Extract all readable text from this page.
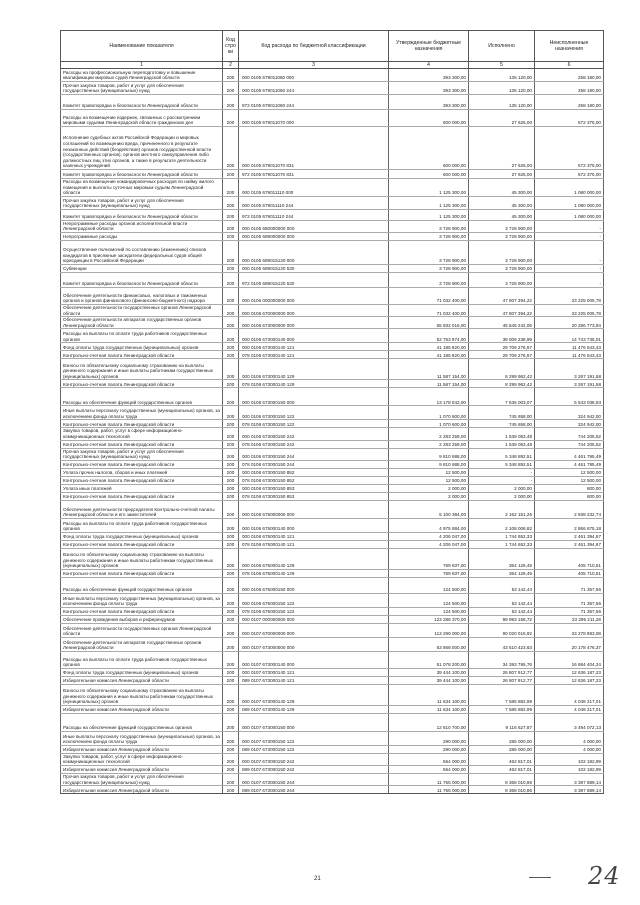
Наименование показателя	Код стро ки	Код расхода по бюджетной классификации	Утвержденные бюджетные назначения	Исполнено	Неисполненные назначения
1	2	3	4	5	6
Расходы на профессиональную переподготовку и повышение квалификации мировых судей Ленинградской области	200	000 0105 679011060 000	393 300,00	135 120,00	258 180,00
Прочая закупка товаров, работ и услуг для обеспечения государственных (муниципальных) нужд	200	000 0105 679011060 244	393 300,00	135 120,00	258 180,00
Комитет правопорядка и безопасности Ленинградской области	200	972 0105 679011060 244	393 300,00	135 120,00	258 180,00
Расходы на возмещение издержек, связанных с рассмотрением мировыми судьями Ленинградской области гражданских дел	200	000 0105 679011070 000	600 000,00	27 625,00	572 375,00
Исполнение судебных актов Российской Федерации и мировых соглашений по возмещению вреда, причиненного в результате незаконных действий (бездействия) органов государственной власти (государственных органов), органов местного самоуправления либо должностных лиц этих органов, а также в результате деятельности казенных учреждений	200	000 0105 679011070 831	600 000,00	27 625,00	572 375,00
Комитет правопорядка и безопасности Ленинградской области	200	972 0105 679011070 831	600 000,00	27 625,00	572 375,00
Расходы на возмещение командировочных расходов по найму жилого помещения и выплаты суточных мировым судьям Ленинградской области	200	000 0105 679011110 000	1 125 300,00	45 300,00	1 080 000,00
Прочая закупка товаров, работ и услуг для обеспечения государственных (муниципальных) нужд	200	000 0105 679011110 244	1 125 300,00	45 300,00	1 080 000,00
Комитет правопорядка и безопасности Ленинградской области	200	972 0105 679011110 244	1 125 300,00	45 300,00	1 080 000,00
Непрограммные расходы органов исполнительной власти Ленинградской области	200	000 0105 680000000 000	3 728 900,00	3 728 900,00	-
Непрограммные расходы	200	000 0105 689000000 000	3 728 900,00	3 728 900,00	-
Осуществление полномочий по составлению (изменению) списков кандидатов в присяжные заседатели федеральных судов общей юрисдикции в Российской Федерации	200	000 0105 689015120 000	3 728 900,00	3 728 900,00	-
Субвенции	200	000 0105 689015120 530	3 728 900,00	3 728 900,00	-
Комитет правопорядка и безопасности Ленинградской области	200	972 0105 689015120 530	3 728 900,00	3 728 900,00	-
Обеспечение деятельности финансовых, налоговых и таможенных органов и органов финансового (финансово-бюджетного) надзора	200	000 0106 000000000 000	71 032 400,00	47 807 394,22	23 225 005,78
Обеспечение деятельности государственных органов Ленинградской области	200	000 0106 670000000 000	71 032 400,00	47 807 394,22	23 225 005,78
Обеспечение деятельности аппаратов государственных органов Ленинградской области	200	000 0106 673000000 000	65 932 016,00	45 645 242,06	20 286 773,94
Расходы на выплаты по оплате труда работников государственных органов	200	000 0106 673000140 000	52 753 974,00	38 009 238,99	14 743 735,01
Фонд оплаты труда государственных (муниципальных) органов	200	000 0106 673000140 121	41 185 820,00	29 709 276,57	11 476 543,43
Контрольно-счетная палата Ленинградской области	200	078 0106 673000140 121	41 185 820,00	29 709 276,57	11 476 543,43
Взносы по обязательному социальному страхованию на выплаты денежного содержания и иные выплаты работникам государственных (муниципальных) органов	200	000 0106 673000140 129	11 587 154,00	8 299 962,42	3 267 191,58
Контрольно-счетная палата Ленинградской области	200	078 0106 673000140 129	11 587 154,00	8 299 962,42	3 267 191,58
Расходы на обеспечение функций государственных органов	200	000 0106 673000150 000	13 178 042,00	7 635 003,07	5 543 038,93
Иные выплаты персоналу государственных (муниципальных) органов, за исключением фонда оплаты труда	200	000 0106 673000150 122	1 070 600,00	745 658,00	324 942,00
Контрольно-счетная палата Ленинградской области	200	078 0106 673000150 122	1 070 600,00	745 658,00	324 942,00
Закупка товаров, работ, услуг в сфере информационно-коммуникационных технологий	200	000 0106 673000150 242	2 283 259,00	1 539 053,48	744 205,52
Контрольно-счетная палата Ленинградской области	200	078 0106 673000150 242	2 283 259,00	1 539 053,48	744 205,52
Прочая закупка товаров, работ и услуг для обеспечения государственных (муниципальных) нужд	200	000 0106 673000150 244	9 810 688,00	5 348 892,51	4 461 795,49
Контрольно-счетная палата Ленинградской области	200	078 0106 673000150 244	9 810 688,00	5 348 892,51	4 461 795,49
Уплата прочих налогов, сборов и иных платежей	200	000 0106 673000150 852	12 500,00	-	12 500,00
Контрольно-счетная палата Ленинградской области	200	078 0106 673000150 852	12 500,00	-	12 500,00
Уплата иных платежей	200	000 0106 673000150 853	2 000,00	2 000,00	800,00
Контрольно-счетная палата Ленинградской области	200	078 0106 673000150 853	2 000,00	2 000,00	800,00
Обеспечение деятельности председателя Контрольно-счетной палаты Ленинградской области и его заместителей	200	000 0106 675000000 000	5 100 384,00	2 162 151,26	2 938 232,74
Расходы на выплаты по оплате труда работников государственных органов	200	000 0106 675000140 000	4 975 884,00	2 108 008,82	2 866 875,18
Фонд оплаты труда государственных (муниципальных) органов	200	000 0106 675000140 121	4 206 047,00	1 744 652,33	2 461 394,67
Контрольно-счетная палата Ленинградской области	200	078 0106 675000140 121	4 206 047,00	1 744 652,33	2 461 394,67
Взносы по обязательному социальному страхованию на выплаты денежного содержания и иные выплаты работникам государственных (муниципальных) органов	200	000 0106 675000140 129	769 837,00	364 126,49	405 710,51
Контрольно-счетная палата Ленинградской области	200	078 0106 675000140 129	769 837,00	364 126,49	405 710,51
Расходы на обеспечение функций государственных органов	200	000 0106 675000150 000	124 500,00	53 142,44	71 357,56
Иные выплаты персоналу государственных (муниципальных) органов, за исключением фонда оплаты труда	200	000 0106 675000150 122	124 500,00	53 142,44	71 357,56
Контрольно-счетная палата Ленинградской области	200	078 0106 675000150 122	124 500,00	53 142,44	71 357,56
Обеспечение проведения выборов и референдумов	200	000 0107 000000000 000	123 288 370,00	99 993 158,72	23 295 211,28
Обеспечение деятельности государственных органов Ленинградской области	200	000 0107 670000000 000	113 299 000,00	90 020 016,92	23 278 983,08
Обеспечение деятельности аппаратов государственных органов Ленинградской области	200	000 0107 673000000 000	63 668 000,00	43 510 423,63	20 178 476,37
Расходы на выплаты по оплате труда работников государственных органов	200	000 0107 673000140 000	51 078 200,00	34 393 795,76	16 684 404,24
Фонд оплаты труда государственных (муниципальных) органов	200	000 0107 673000140 121	39 444 100,00	26 807 912,77	12 636 187,23
Избирательная комиссия Ленинградской области	200	089 0107 673000140 121	39 444 100,00	26 807 912,77	12 636 187,23
Взносы по обязательному социальному страхованию на выплаты денежного содержания и иные выплаты работникам государственных (муниципальных) органов	200	000 0107 673000140 129	11 634 100,00	7 585 882,99	4 048 217,01
Избирательная комиссия Ленинградской области	200	089 0107 673000140 129	11 634 100,00	7 585 882,99	4 048 217,01
Расходы на обеспечение функций государственных органов	200	000 0107 673000150 000	12 610 700,00	9 116 627,87	3 494 072,13
Иные выплаты персоналу государственных (муниципальных) органов, за исключением фонда оплаты труда	200	000 0107 673000150 122	290 000,00	286 000,00	4 000,00
Избирательная комиссия Ленинградской области	200	089 0107 673000150 122	290 000,00	286 000,00	4 000,00
Закупка товаров, работ, услуг в сфере информационно-коммуникационных технологий	200	000 0107 673000150 242	564 000,00	462 817,01	102 182,99
Избирательная комиссия Ленинградской области	200	089 0107 673000150 242	564 000,00	462 817,01	102 182,99
Прочая закупка товаров, работ и услуг для обеспечения государственных (муниципальных) нужд	200	000 0107 673000150 244	11 755 000,00	8 368 010,86	3 387 889,14
Избирательная комиссия Ленинградской области	200	089 0107 673000150 244	11 755 000,00	8 368 010,86	3 387 889,14
21	24
